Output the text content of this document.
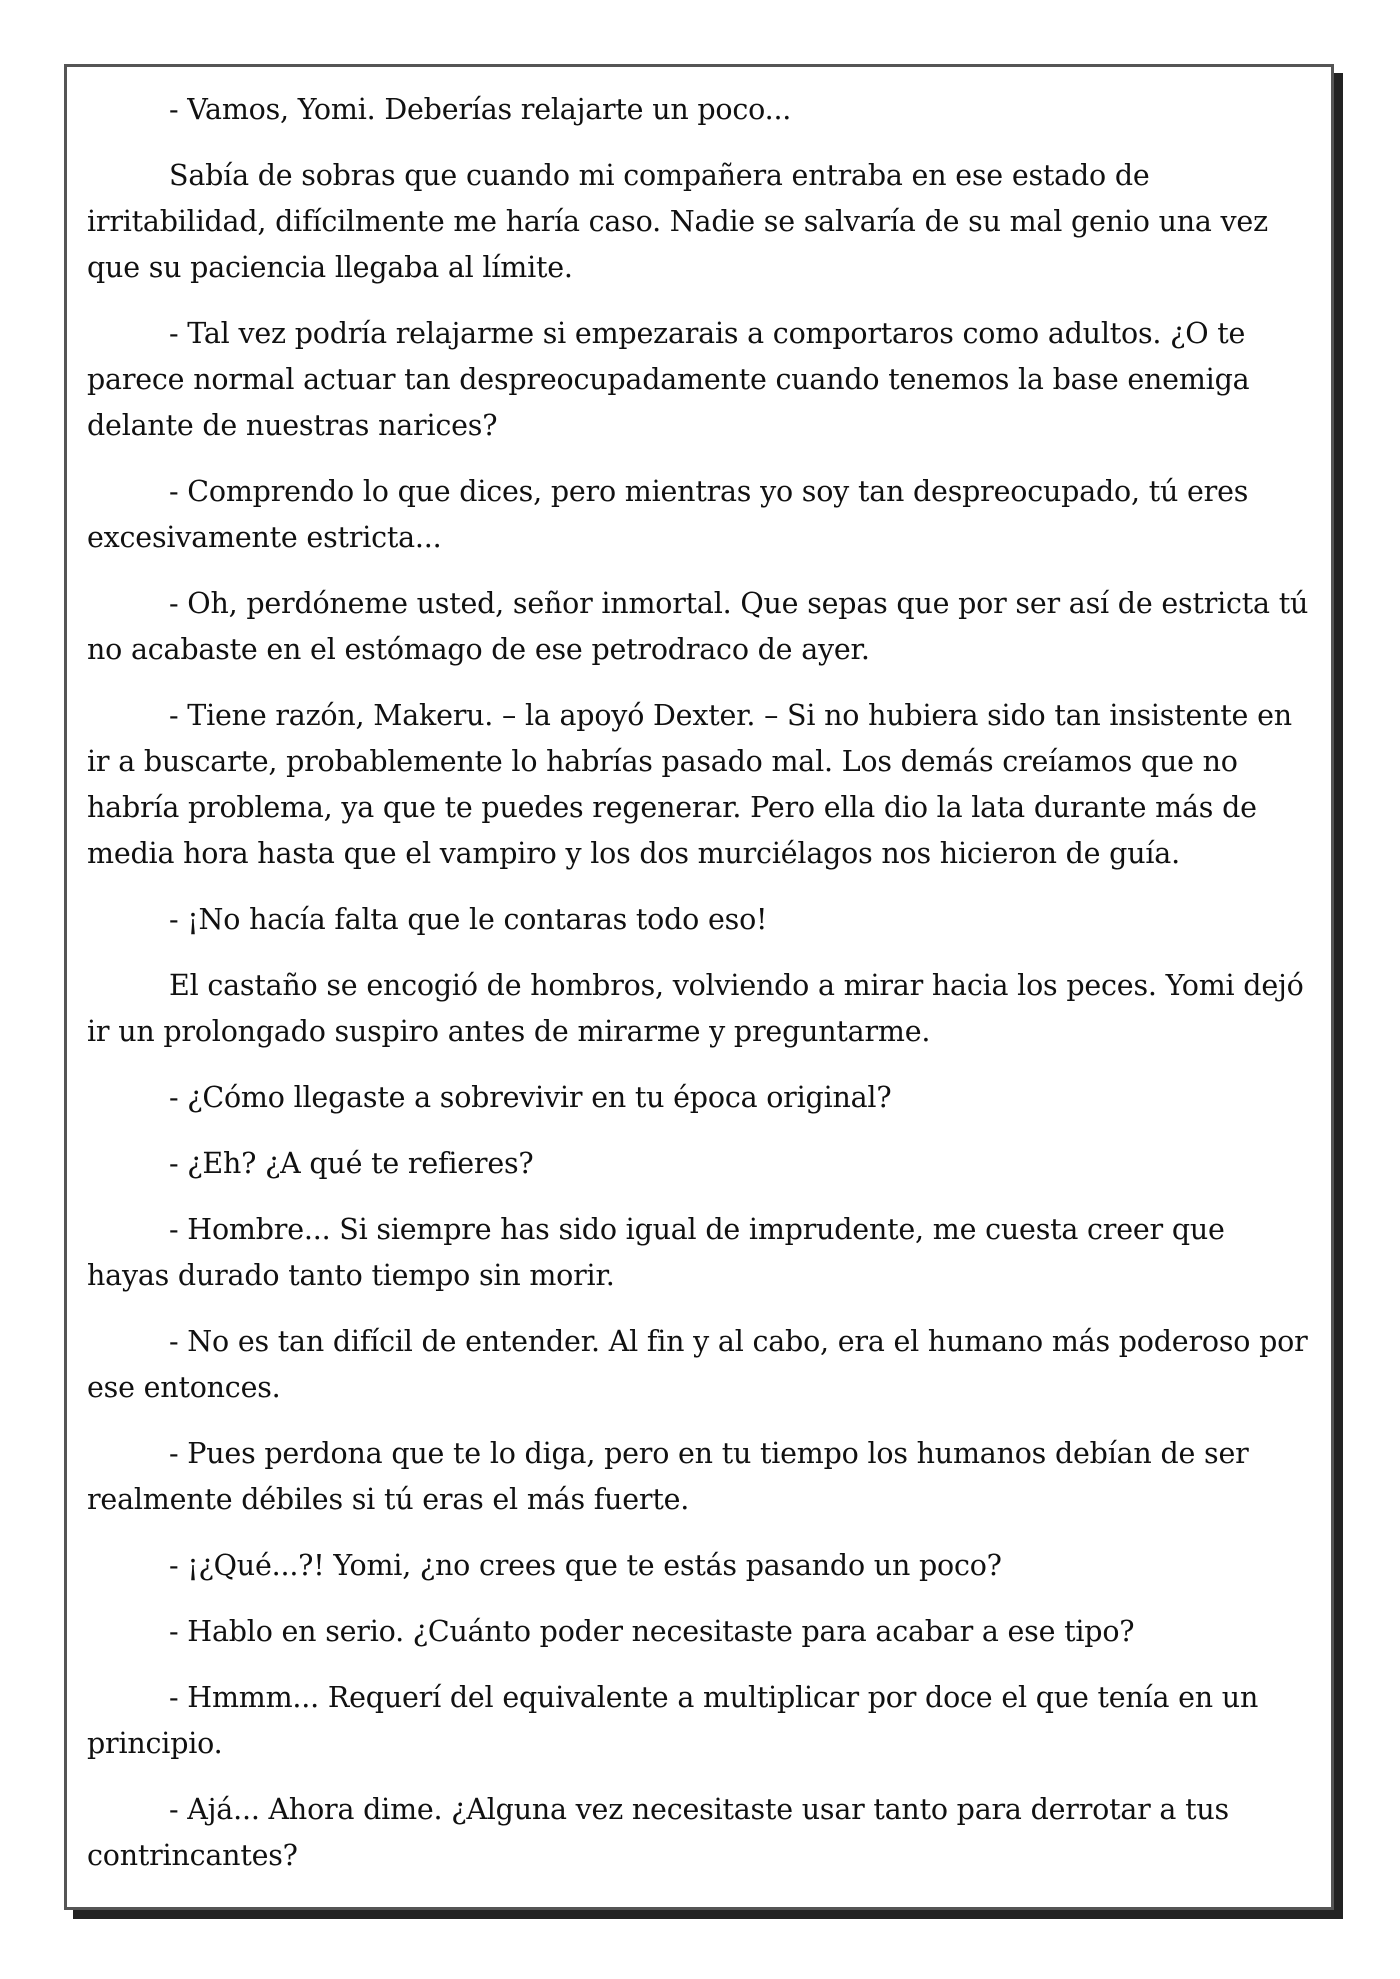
- Vamos, Yomi. Deberías relajarte un poco...

Sabía de sobras que cuando mi compañera entraba en ese estado de irritabilidad, difícilmente me haría caso. Nadie se salvaría de su mal genio una vez que su paciencia llegaba al límite.

- Tal vez podría relajarme si empezarais a comportaros como adultos. ¿O te parece normal actuar tan despreocupadamente cuando tenemos la base enemiga delante de nuestras narices?

- Comprendo lo que dices, pero mientras yo soy tan despreocupado, tú eres excesivamente estricta...

- Oh, perdóneme usted, señor inmortal. Que sepas que por ser así de estricta tú no acabaste en el estómago de ese petrodraco de ayer.

- Tiene razón, Makeru. – la apoyó Dexter. – Si no hubiera sido tan insistente en ir a buscarte, probablemente lo habrías pasado mal. Los demás creíamos que no habría problema, ya que te puedes regenerar. Pero ella dio la lata durante más de media hora hasta que el vampiro y los dos murciélagos nos hicieron de guía.

- ¡No hacía falta que le contaras todo eso!

El castaño se encogió de hombros, volviendo a mirar hacia los peces. Yomi dejó ir un prolongado suspiro antes de mirarme y preguntarme.

- ¿Cómo llegaste a sobrevivir en tu época original?

- ¿Eh? ¿A qué te refieres?

- Hombre... Si siempre has sido igual de imprudente, me cuesta creer que hayas durado tanto tiempo sin morir.

- No es tan difícil de entender. Al fin y al cabo, era el humano más poderoso por ese entonces.

- Pues perdona que te lo diga, pero en tu tiempo los humanos debían de ser realmente débiles si tú eras el más fuerte.

- ¡¿Qué...?! Yomi, ¿no crees que te estás pasando un poco?

- Hablo en serio. ¿Cuánto poder necesitaste para acabar a ese tipo?

- Hmmm... Requerí del equivalente a multiplicar por doce el que tenía en un principio.

- Ajá... Ahora dime. ¿Alguna vez necesitaste usar tanto para derrotar a tus contrincantes?
